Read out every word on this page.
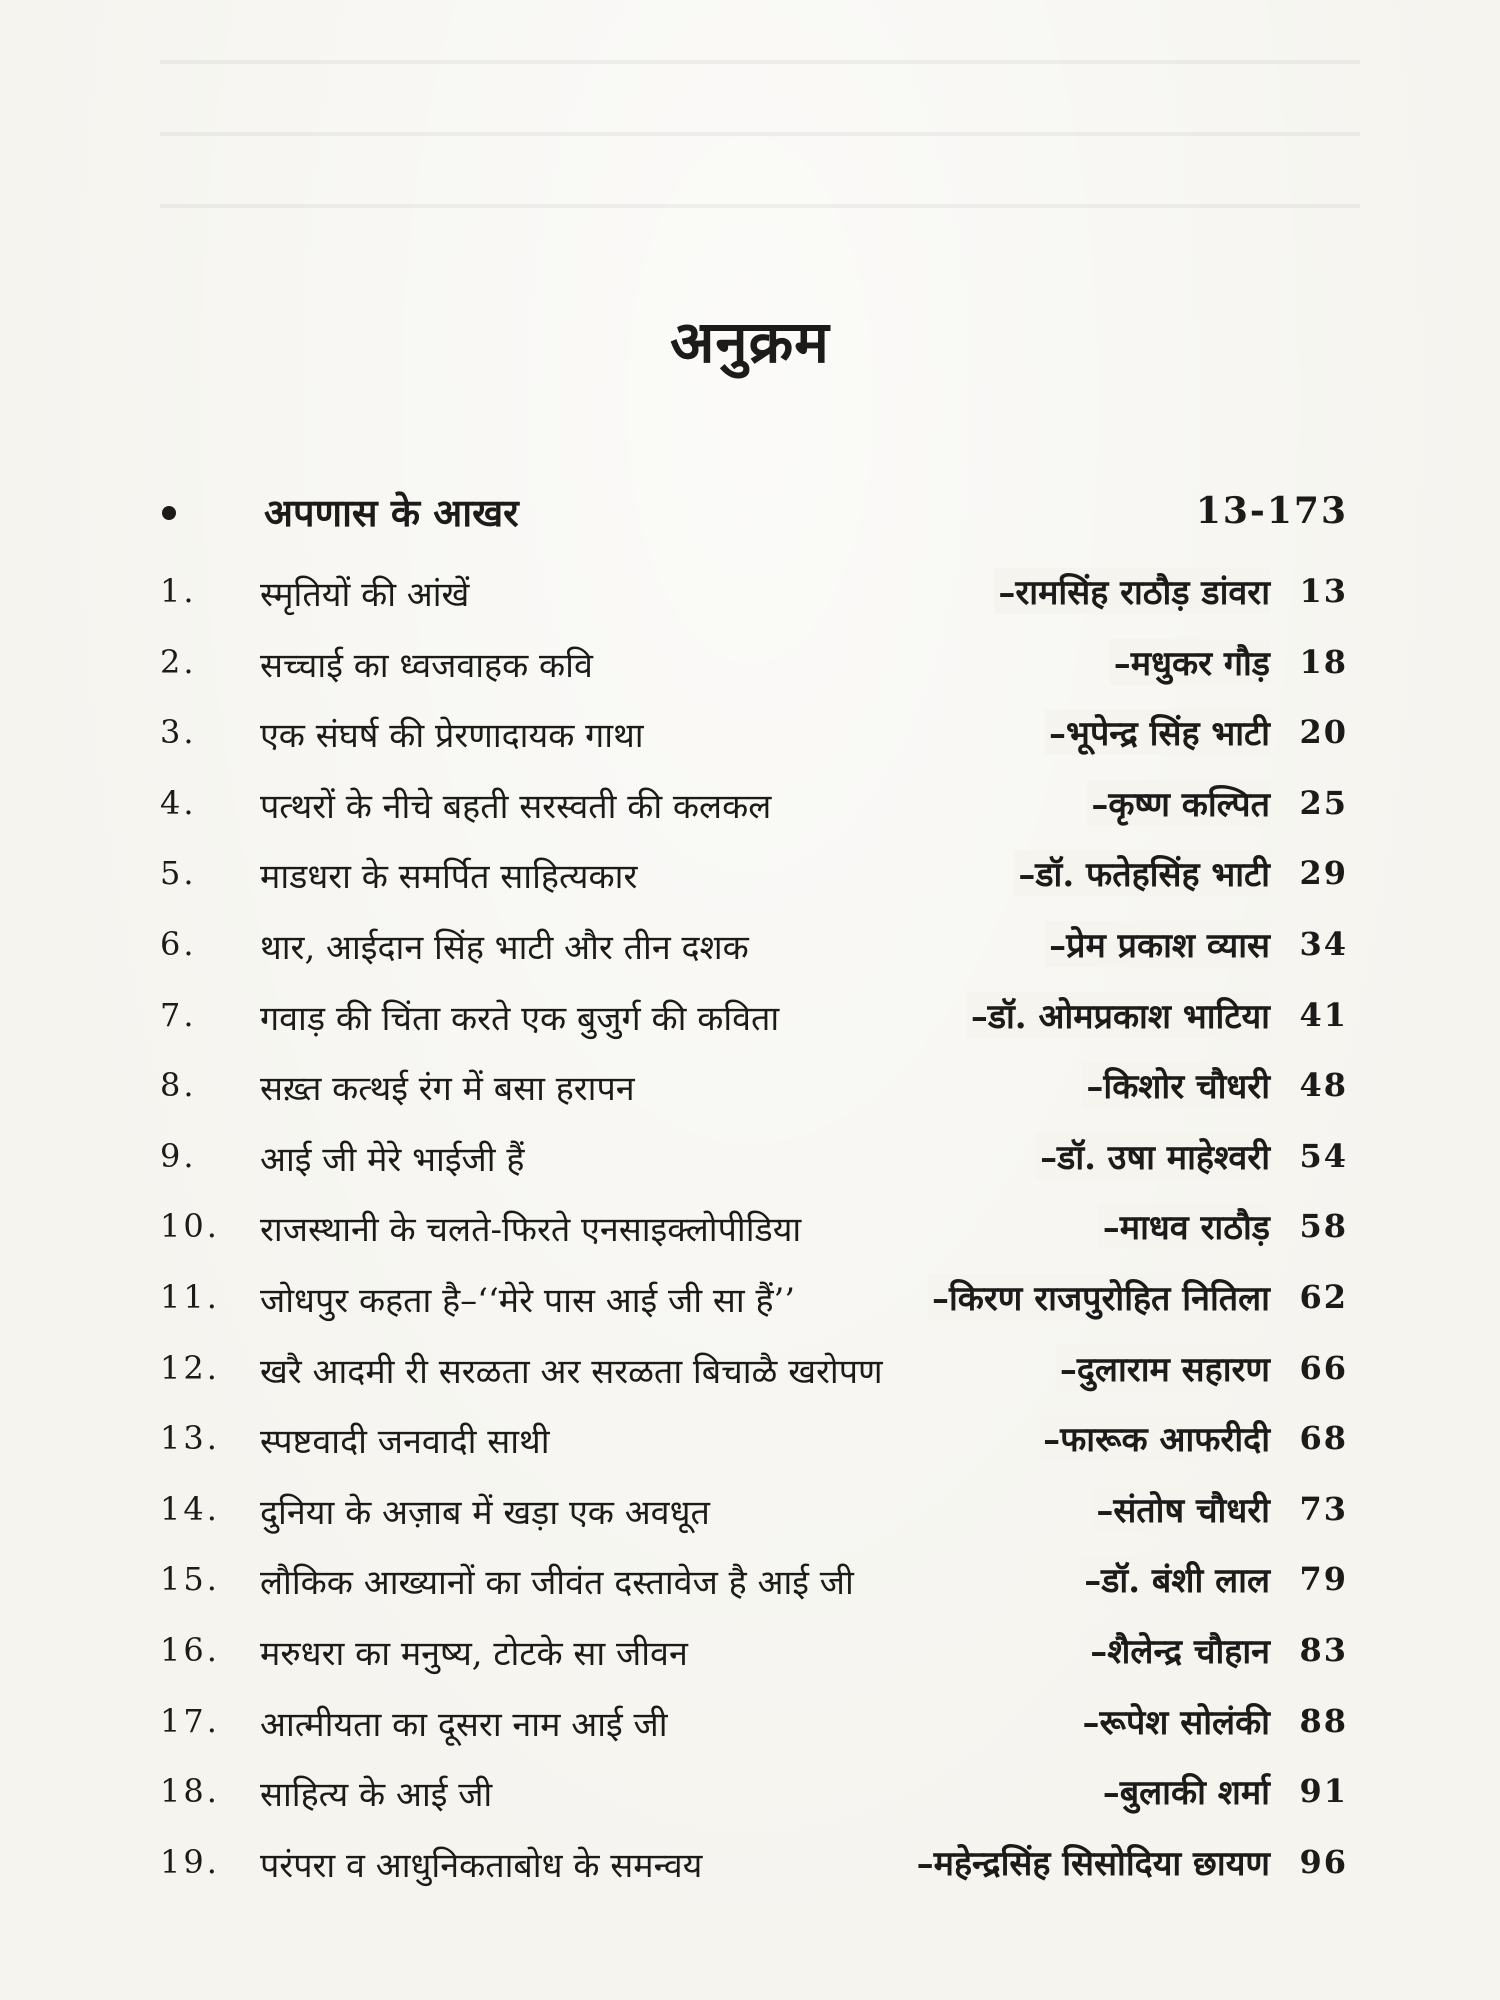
अनुक्रम
अपणास के आखर	13-173
1.	स्मृतियों की आंखें	–रामसिंह राठौड़ डांवरा 13
2.	सच्चाई का ध्वजवाहक कवि	–मधुकर गौड़ 18
3.	एक संघर्ष की प्रेरणादायक गाथा	–भूपेन्द्र सिंह भाटी 20
4.	पत्थरों के नीचे बहती सरस्वती की कलकल	–कृष्ण कल्पित 25
5.	माडधरा के समर्पित साहित्यकार	–डॉ. फतेहसिंह भाटी 29
6.	थार, आईदान सिंह भाटी और तीन दशक	–प्रेम प्रकाश व्यास 34
7.	गवाड़ की चिंता करते एक बुजुर्ग की कविता	–डॉ. ओमप्रकाश भाटिया 41
8.	सख़्त कत्थई रंग में बसा हरापन	–किशोर चौधरी 48
9.	आई जी मेरे भाईजी हैं	–डॉ. उषा माहेश्वरी 54
10.	राजस्थानी के चलते-फिरते एनसाइक्लोपीडिया	–माधव राठौड़ 58
11.	जोधपुर कहता है–‘‘मेरे पास आई जी सा हैं’’	–किरण राजपुरोहित नितिला 62
12.	खरै आदमी री सरळता अर सरळता बिचाळै खरोपण	–दुलाराम सहारण 66
13.	स्पष्टवादी जनवादी साथी	–फारूक आफरीदी 68
14.	दुनिया के अज़ाब में खड़ा एक अवधूत	–संतोष चौधरी 73
15.	लौकिक आख्यानों का जीवंत दस्तावेज है आई जी	–डॉ. बंशी लाल 79
16.	मरुधरा का मनुष्य, टोटके सा जीवन	–शैलेन्द्र चौहान 83
17.	आत्मीयता का दूसरा नाम आई जी	–रूपेश सोलंकी 88
18.	साहित्य के आई जी	–बुलाकी शर्मा 91
19.	परंपरा व आधुनिकताबोध के समन्वय	–महेन्द्रसिंह सिसोदिया छायण 96
